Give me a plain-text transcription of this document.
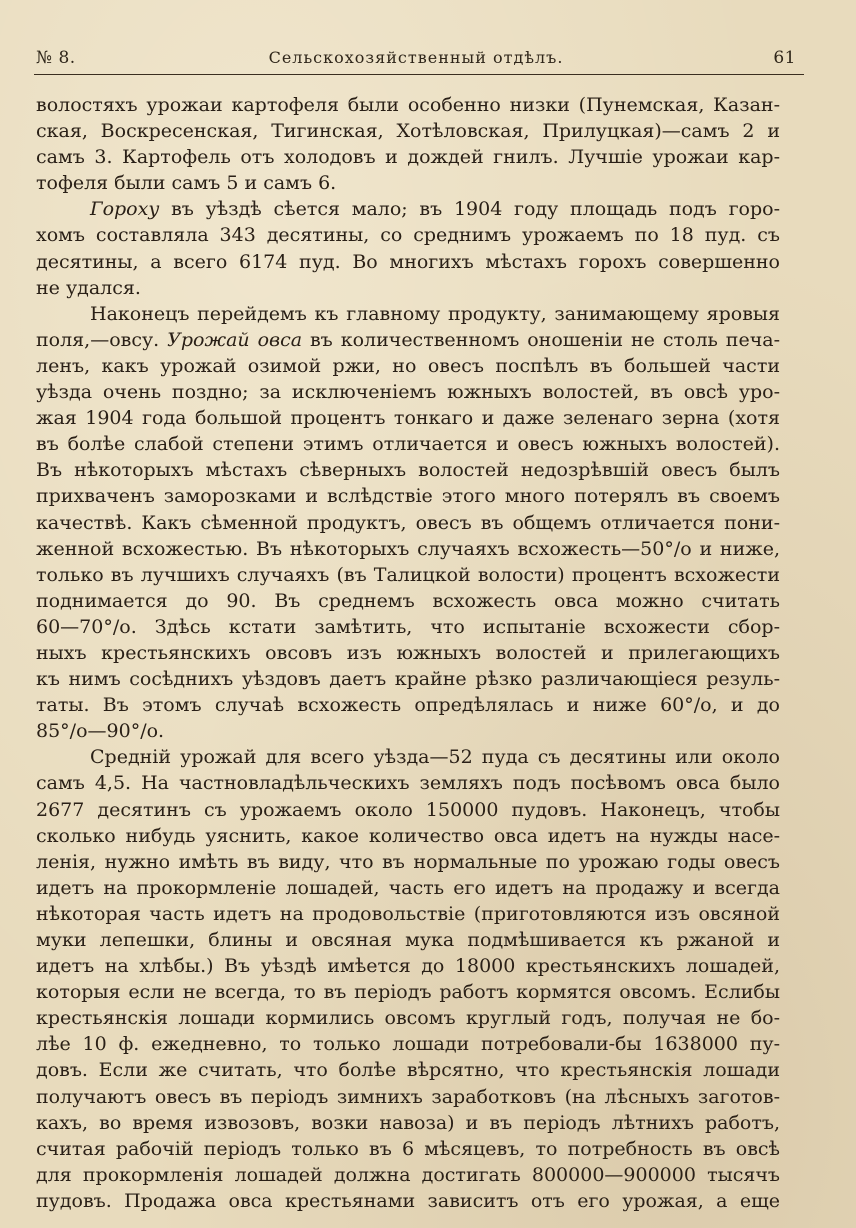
№ 8.	Сельскохозяйственный отдѣлъ.	61
волостяхъ урожаи картофеля были особенно низки (Пунемская, Казан-
ская, Воскресенская, Тигинская, Хотѣловская, Прилуцкая)—самъ 2 и
самъ 3. Картофель отъ холодовъ и дождей гнилъ. Лучшіе урожаи кар-
тофеля были самъ 5 и самъ 6.
Гороху въ уѣздѣ сѣется мало; въ 1904 году площадь подъ горо-
хомъ составляла 343 десятины, со среднимъ урожаемъ по 18 пуд. съ
десятины, а всего 6174 пуд. Во многихъ мѣстахъ горохъ совершенно
не удался.
Наконецъ перейдемъ къ главному продукту, занимающему яровыя
поля,—овсу. Урожай овса въ количественномъ оношеніи не столь печа-
ленъ, какъ урожай озимой ржи, но овесъ поспѣлъ въ большей части
уѣзда очень поздно; за исключеніемъ южныхъ волостей, въ овсѣ уро-
жая 1904 года большой процентъ тонкаго и даже зеленаго зерна (хотя
въ болѣе слабой степени этимъ отличается и овесъ южныхъ волостей).
Въ нѣкоторыхъ мѣстахъ сѣверныхъ волостей недозрѣвшій овесъ былъ
прихваченъ заморозками и вслѣдствіе этого много потерялъ въ своемъ
качествѣ. Какъ сѣменной продуктъ, овесъ въ общемъ отличается пони-
женной всхожестью. Въ нѣкоторыхъ случаяхъ всхожесть—50°/о и ниже,
только въ лучшихъ случаяхъ (въ Талицкой волости) процентъ всхожести
поднимается до 90. Въ среднемъ всхожесть овса можно считать
60—70°/о. Здѣсь кстати замѣтить, что испытаніе всхожести сбор-
ныхъ крестьянскихъ овсовъ изъ южныхъ волостей и прилегающихъ
къ нимъ сосѣднихъ уѣздовъ даетъ крайне рѣзко различающіеся резуль-
таты. Въ этомъ случаѣ всхожесть опредѣлялась и ниже 60°/о, и до
85°/о—90°/о.
Средній урожай для всего уѣзда—52 пуда съ десятины или около
самъ 4,5. На частновладѣльческихъ земляхъ подъ посѣвомъ овса было
2677 десятинъ съ урожаемъ около 150000 пудовъ. Наконецъ, чтобы
сколько нибудь уяснить, какое количество овса идетъ на нужды насе-
ленія, нужно имѣть въ виду, что въ нормальные по урожаю годы овесъ
идетъ на прокормленіе лошадей, часть его идетъ на продажу и всегда
нѣкоторая часть идетъ на продовольствіе (приготовляются изъ овсяной
муки лепешки, блины и овсяная мука подмѣшивается къ ржаной и
идетъ на хлѣбы.) Въ уѣздѣ имѣется до 18000 крестьянскихъ лошадей,
которыя если не всегда, то въ періодъ работъ кормятся овсомъ. Еслибы
крестьянскія лошади кормились овсомъ круглый годъ, получая не бо-
лѣе 10 ф. ежедневно, то только лошади потребовали-бы 1638000 пу-
довъ. Если же считать, что болѣе вѣрсятно, что крестьянскія лошади
получаютъ овесъ въ періодъ зимнихъ заработковъ (на лѣсныхъ заготов-
кахъ, во время извозовъ, возки навоза) и въ періодъ лѣтнихъ работъ,
считая рабочій періодъ только въ 6 мѣсяцевъ, то потребность въ овсѣ
для прокормленія лошадей должна достигать 800000—900000 тысячъ
пудовъ. Продажа овса крестьянами зависитъ отъ его урожая, а еще
